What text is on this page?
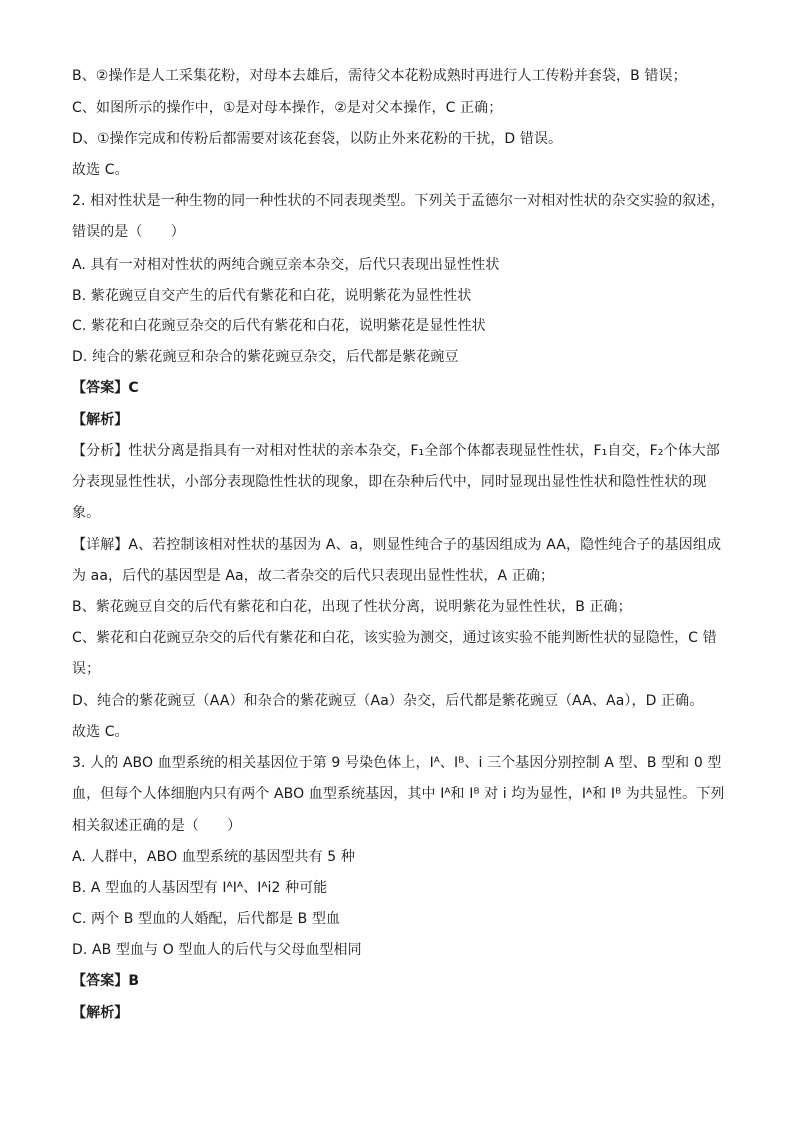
B、②操作是人工采集花粉，对母本去雄后，需待父本花粉成熟时再进行人工传粉并套袋，B 错误；
C、如图所示的操作中，①是对母本操作，②是对父本操作，C 正确；
D、①操作完成和传粉后都需要对该花套袋，以防止外来花粉的干扰，D 错误。
故选 C。
2. 相对性状是一种生物的同一种性状的不同表现类型。下列关于孟德尔一对相对性状的杂交实验的叙述，
错误的是（　　）
A. 具有一对相对性状的两纯合豌豆亲本杂交，后代只表现出显性性状
B. 紫花豌豆自交产生的后代有紫花和白花，说明紫花为显性性状
C. 紫花和白花豌豆杂交的后代有紫花和白花，说明紫花是显性性状
D. 纯合的紫花豌豆和杂合的紫花豌豆杂交，后代都是紫花豌豆
【答案】C
【解析】
【分析】性状分离是指具有一对相对性状的亲本杂交，F₁全部个体都表现显性性状，F₁自交，F₂个体大部
分表现显性性状，小部分表现隐性性状的现象，即在杂种后代中，同时显现出显性性状和隐性性状的现
象。
【详解】A、若控制该相对性状的基因为 A、a，则显性纯合子的基因组成为 AA，隐性纯合子的基因组成
为 aa，后代的基因型是 Aa，故二者杂交的后代只表现出显性性状，A 正确；
B、紫花豌豆自交的后代有紫花和白花，出现了性状分离，说明紫花为显性性状，B 正确；
C、紫花和白花豌豆杂交的后代有紫花和白花，该实验为测交，通过该实验不能判断性状的显隐性，C 错
误；
D、纯合的紫花豌豆（AA）和杂合的紫花豌豆（Aa）杂交，后代都是紫花豌豆（AA、Aa），D 正确。
故选 C。
3. 人的 ABO 血型系统的相关基因位于第 9 号染色体上，Iᴬ、Iᴮ、i 三个基因分别控制 A 型、B 型和 0 型
血，但每个人体细胞内只有两个 ABO 血型系统基因，其中 Iᴬ和 Iᴮ 对 i 均为显性，Iᴬ和 Iᴮ 为共显性。下列
相关叙述正确的是（　　）
A. 人群中，ABO 血型系统的基因型共有 5 种
B. A 型血的人基因型有 IᴬIᴬ、Iᴬi2 种可能
C. 两个 B 型血的人婚配，后代都是 B 型血
D. AB 型血与 O 型血人的后代与父母血型相同
【答案】B
【解析】
